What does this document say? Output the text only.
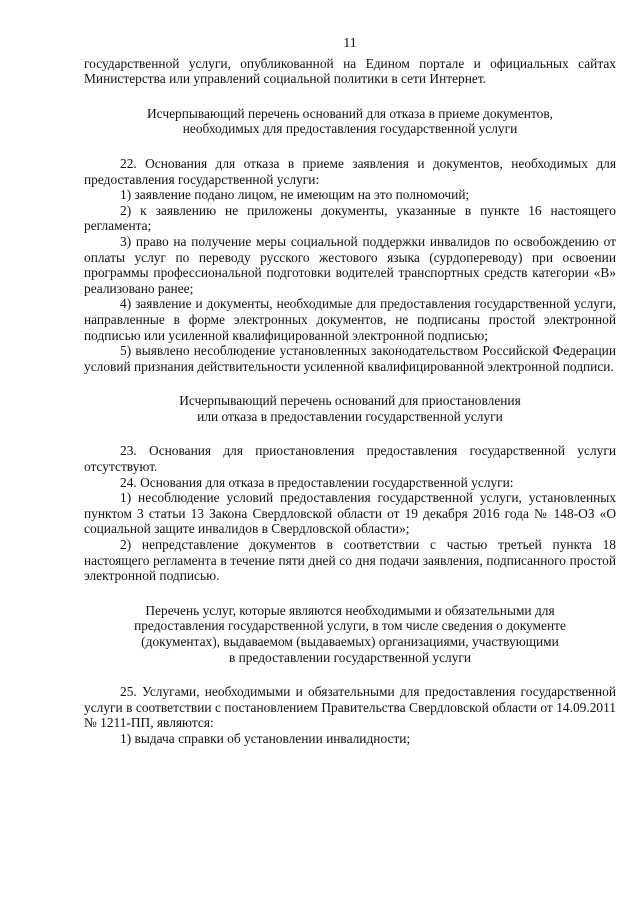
11

государственной услуги, опубликованной на Едином портале и официальных сайтах Министерства или управлений социальной политики в сети Интернет.

Исчерпывающий перечень оснований для отказа в приеме документов,
необходимых для предоставления государственной услуги

22. Основания для отказа в приеме заявления и документов, необходимых для предоставления государственной услуги:

1) заявление подано лицом, не имеющим на это полномочий;

2) к заявлению не приложены документы, указанные в пункте 16 настоящего регламента;

3) право на получение меры социальной поддержки инвалидов по освобождению от оплаты услуг по переводу русского жестового языка (сурдопереводу) при освоении программы профессиональной подготовки водителей транспортных средств категории «В» реализовано ранее;

4) заявление и документы, необходимые для предоставления государственной услуги, направленные в форме электронных документов, не подписаны простой электронной подписью или усиленной квалифицированной электронной подписью;

5) выявлено несоблюдение установленных законодательством Российской Федерации условий признания действительности усиленной квалифицированной электронной подписи.

Исчерпывающий перечень оснований для приостановления
или отказа в предоставлении государственной услуги

23. Основания для приостановления предоставления государственной услуги отсутствуют.

24. Основания для отказа в предоставлении государственной услуги:

1) несоблюдение условий предоставления государственной услуги, установленных пунктом 3 статьи 13 Закона Свердловской области от 19 декабря 2016 года № 148-ОЗ «О социальной защите инвалидов в Свердловской области»;

2) непредставление документов в соответствии с частью третьей пункта 18 настоящего регламента в течение пяти дней со дня подачи заявления, подписанного простой электронной подписью.

Перечень услуг, которые являются необходимыми и обязательными для
предоставления государственной услуги, в том числе сведения о документе
(документах), выдаваемом (выдаваемых) организациями, участвующими
в предоставлении государственной услуги

25. Услугами, необходимыми и обязательными для предоставления государственной услуги в соответствии с постановлением Правительства Свердловской области от 14.09.2011 № 1211-ПП, являются:

1) выдача справки об установлении инвалидности;
